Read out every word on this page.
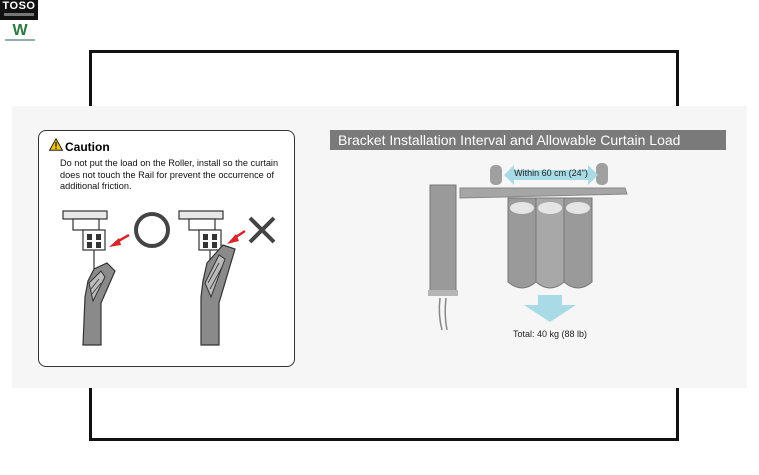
TOSO
W
Caution
Do not put the load on the Roller, install so the curtain does not touch the Rail for prevent the occurrence of additional friction.
Bracket Installation Interval and Allowable Curtain Load
Within 60 cm (24")
Total: 40 kg (88 lb)
